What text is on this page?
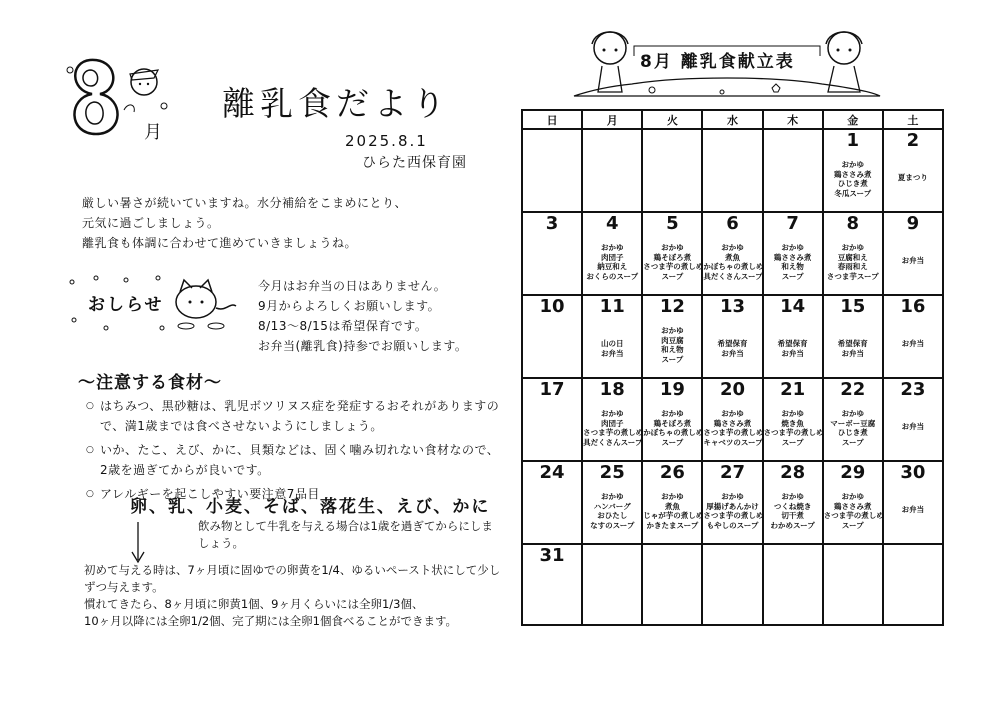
月
離乳食だより
2025.8.1
ひらた西保育園
厳しい暑さが続いていますね。水分補給をこまめにとり、
元気に過ごしましょう。
離乳食も体調に合わせて進めていきましょうね。
おしらせ
今月はお弁当の日はありません。
9月からよろしくお願いします。
8/13～8/15は希望保育です。
お弁当(離乳食)持参でお願いします。
～注意する食材～
○ はちみつ、黒砂糖は、乳児ボツリヌス症を発症するおそれがありますので、満1歳までは食べさせないようにしましょう。
○ いか、たこ、えび、かに、貝類などは、固く噛み切れない食材なので、2歳を過ぎてからが良いです。
○ アレルギーを起こしやすい要注意7品目
卵、乳、小麦、そば、落花生、えび、かに
飲み物として牛乳を与える場合は1歳を過ぎてからにしましょう。
初めて与える時は、7ヶ月頃に固ゆでの卵黄を1/4、ゆるいペースト状にして少しずつ与えます。
慣れてきたら、8ヶ月頃に卵黄1個、9ヶ月くらいには全卵1/3個、
10ヶ月以降には全卵1/2個、完了期には全卵1個食べることができます。
8月 離乳食献立表
日	月	火	水	木	金	土

					1
おかゆ
鶏ささみ煮
ひじき煮
冬瓜スープ	2
夏まつり

3	4
おかゆ
肉団子
納豆和え
おくらのスープ	5
おかゆ
鶏そぼろ煮
さつま芋の煮しめ
スープ	6
おかゆ
煮魚
かぼちゃの煮しめ
具だくさんスープ	7
おかゆ
鶏ささみ煮
和え物
スープ	8
おかゆ
豆腐和え
春雨和え
さつま芋スープ	9
お弁当

10	11
山の日
お弁当	12
おかゆ
肉豆腐
和え物
スープ	13
希望保育
お弁当	14
希望保育
お弁当	15
希望保育
お弁当	16
お弁当

17	18
おかゆ
肉団子
さつま芋の煮しめ
具だくさんスープ	19
おかゆ
鶏そぼろ煮
かぼちゃの煮しめ
スープ	20
おかゆ
鶏ささみ煮
さつま芋の煮しめ
キャベツのスープ	21
おかゆ
焼き魚
さつま芋の煮しめ
スープ	22
おかゆ
マーボー豆腐
ひじき煮
スープ	23
お弁当

24	25
おかゆ
ハンバーグ
おひたし
なすのスープ	26
おかゆ
煮魚
じゃが芋の煮しめ
かきたまスープ	27
おかゆ
厚揚げあんかけ
さつま芋の煮しめ
もやしのスープ	28
おかゆ
つくね焼き
切干煮
わかめスープ	29
おかゆ
鶏ささみ煮
さつま芋の煮しめ
スープ	30
お弁当

31						
